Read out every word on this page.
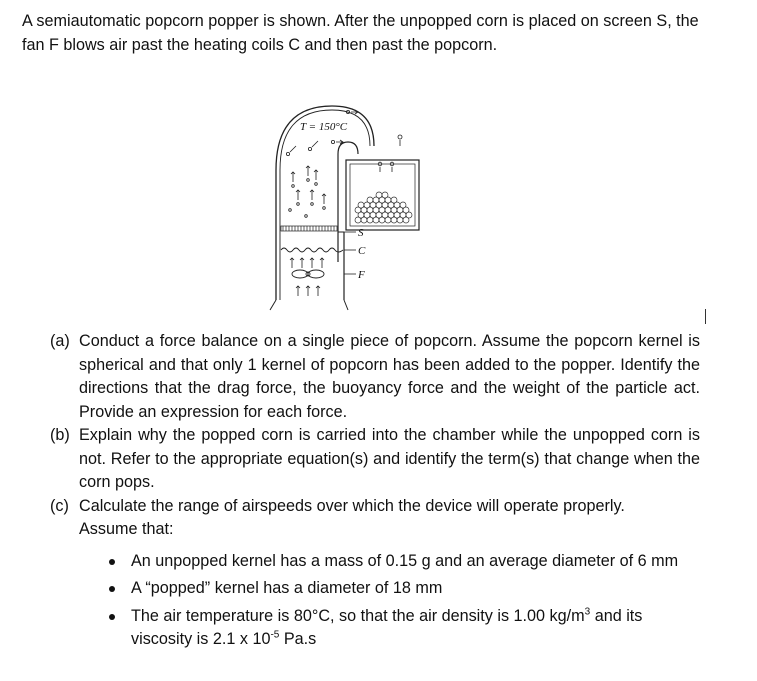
A semiautomatic popcorn popper is shown. After the unpopped corn is placed on screen S, the fan F blows air past the heating coils C and then past the popcorn.

T = 150°C
S
C
F
(a) Conduct a force balance on a single piece of popcorn. Assume the popcorn kernel is spherical and that only 1 kernel of popcorn has been added to the popper. Identify the directions that the drag force, the buoyancy force and the weight of the particle act. Provide an expression for each force.
(b) Explain why the popped corn is carried into the chamber while the unpopped corn is not. Refer to the appropriate equation(s) and identify the term(s) that change when the corn pops.
(c) Calculate the range of airspeeds over which the device will operate properly.
Assume that:
An unpopped kernel has a mass of 0.15 g and an average diameter of 6 mm
A “popped” kernel has a diameter of 18 mm
The air temperature is 80°C, so that the air density is 1.00 $kg/m^3$ and its viscosity is 2.1 x $10^{-5}$ Pa.s
